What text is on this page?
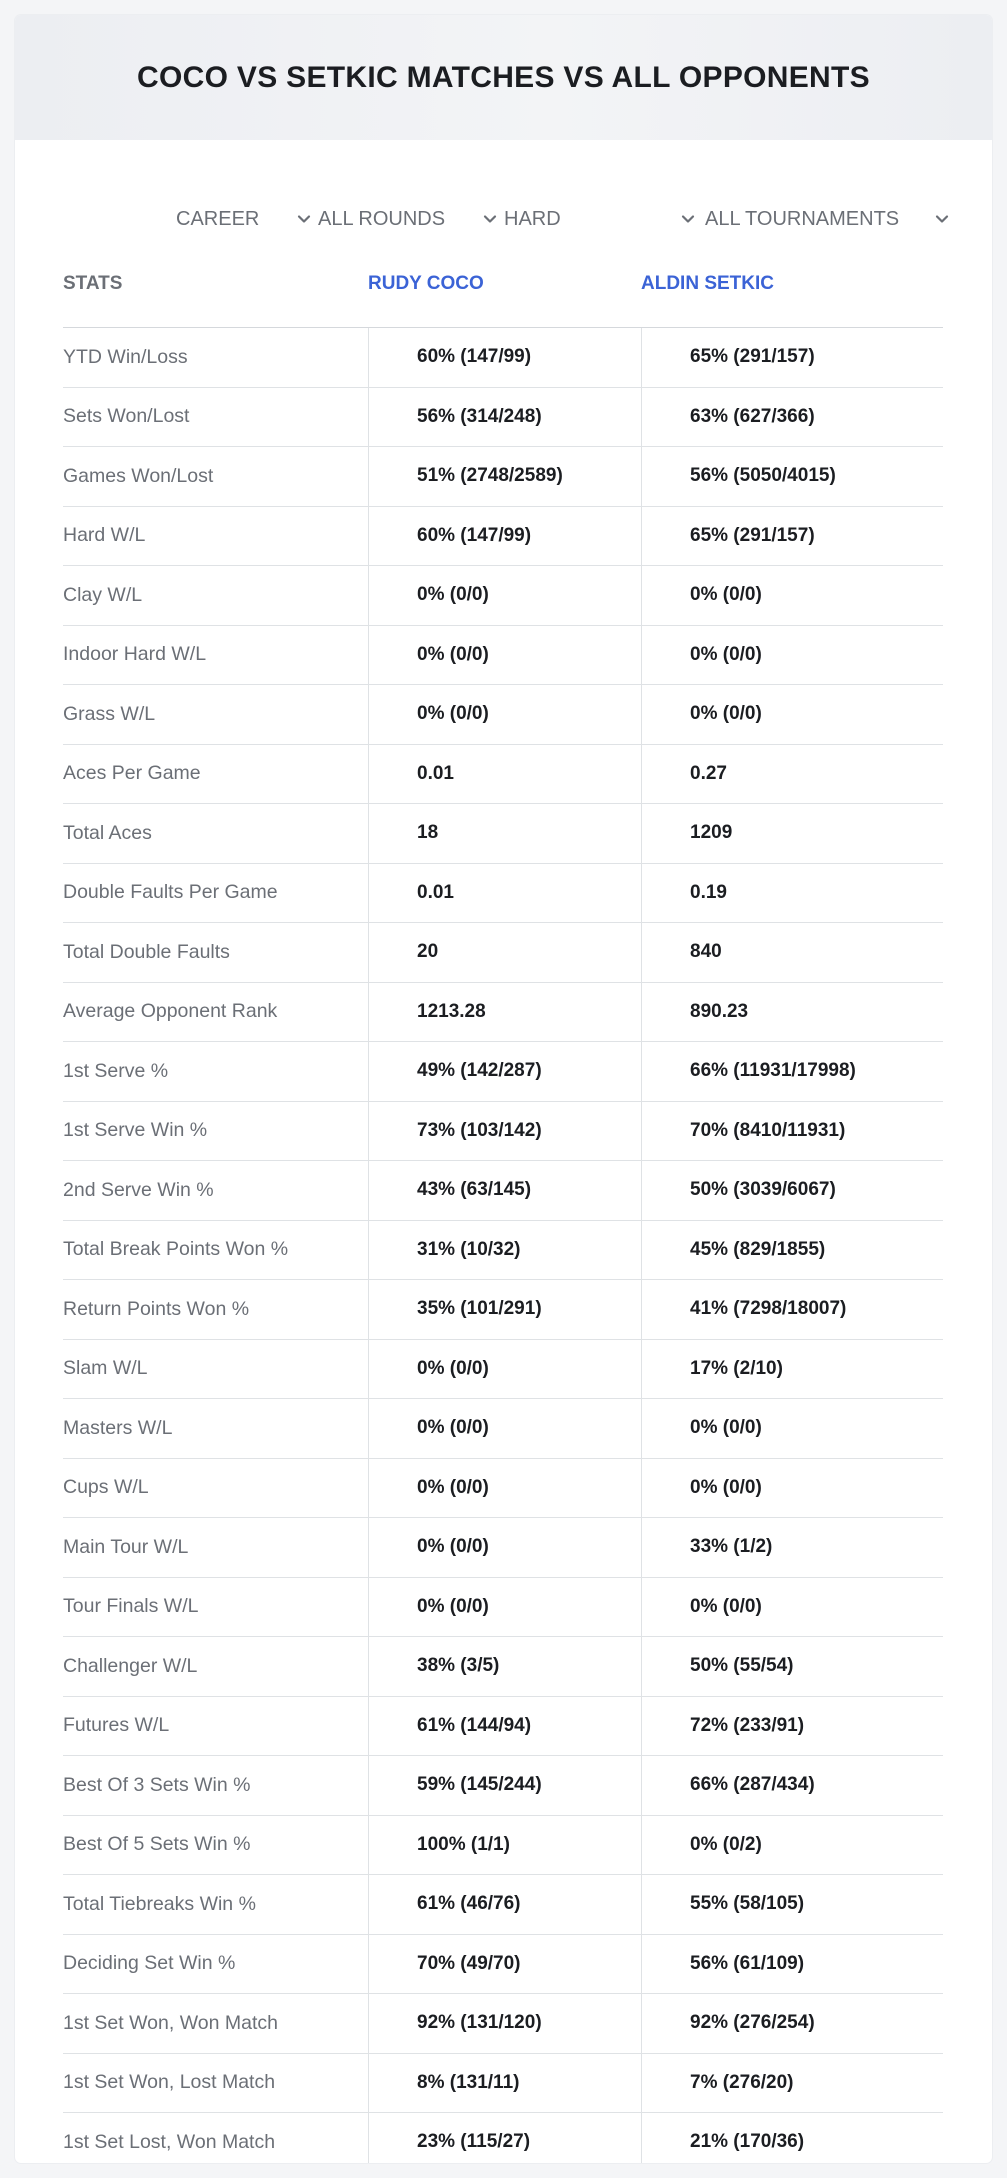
COCO VS SETKIC MATCHES VS ALL OPPONENTS
CAREER	ALL ROUNDS	HARD	ALL TOURNAMENTS
STATS	RUDY COCO	ALDIN SETKIC
YTD Win/Loss	60% (147/99)	65% (291/157)
Sets Won/Lost	56% (314/248)	63% (627/366)
Games Won/Lost	51% (2748/2589)	56% (5050/4015)
Hard W/L	60% (147/99)	65% (291/157)
Clay W/L	0% (0/0)	0% (0/0)
Indoor Hard W/L	0% (0/0)	0% (0/0)
Grass W/L	0% (0/0)	0% (0/0)
Aces Per Game	0.01	0.27
Total Aces	18	1209
Double Faults Per Game	0.01	0.19
Total Double Faults	20	840
Average Opponent Rank	1213.28	890.23
1st Serve %	49% (142/287)	66% (11931/17998)
1st Serve Win %	73% (103/142)	70% (8410/11931)
2nd Serve Win %	43% (63/145)	50% (3039/6067)
Total Break Points Won %	31% (10/32)	45% (829/1855)
Return Points Won %	35% (101/291)	41% (7298/18007)
Slam W/L	0% (0/0)	17% (2/10)
Masters W/L	0% (0/0)	0% (0/0)
Cups W/L	0% (0/0)	0% (0/0)
Main Tour W/L	0% (0/0)	33% (1/2)
Tour Finals W/L	0% (0/0)	0% (0/0)
Challenger W/L	38% (3/5)	50% (55/54)
Futures W/L	61% (144/94)	72% (233/91)
Best Of 3 Sets Win %	59% (145/244)	66% (287/434)
Best Of 5 Sets Win %	100% (1/1)	0% (0/2)
Total Tiebreaks Win %	61% (46/76)	55% (58/105)
Deciding Set Win %	70% (49/70)	56% (61/109)
1st Set Won, Won Match	92% (131/120)	92% (276/254)
1st Set Won, Lost Match	8% (131/11)	7% (276/20)
1st Set Lost, Won Match	23% (115/27)	21% (170/36)
